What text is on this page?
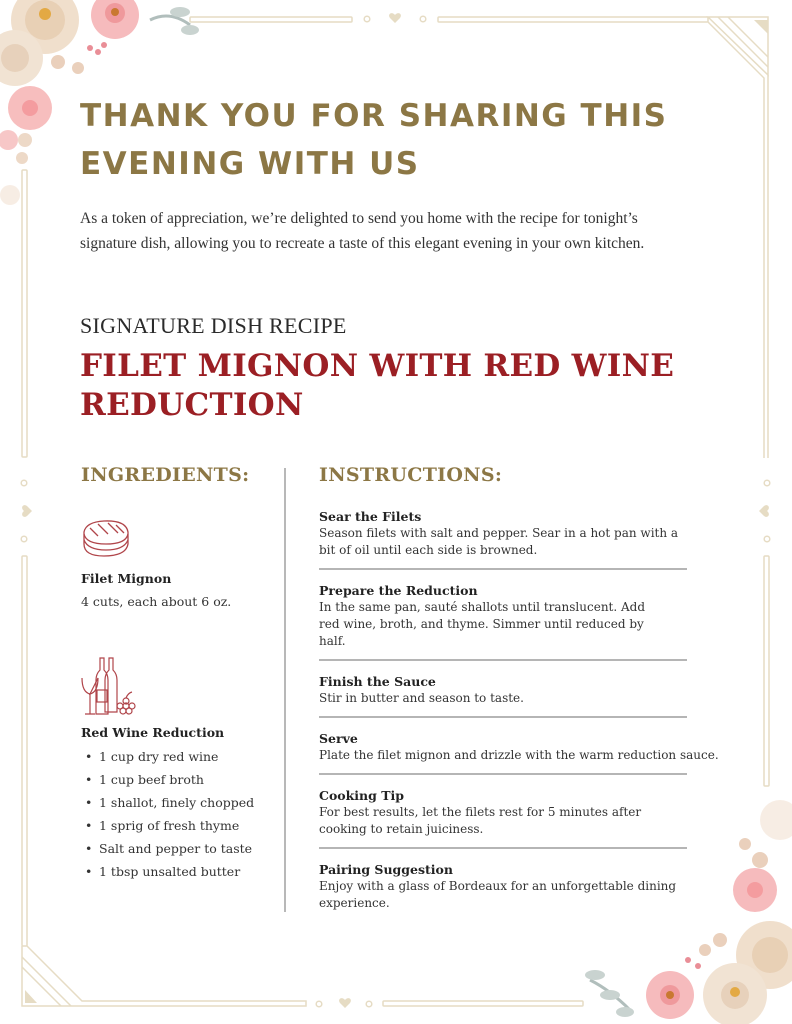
THANK YOU FOR SHARING THIS EVENING WITH US

As a token of appreciation, we’re delighted to send you home with the recipe for tonight’s signature dish, allowing you to recreate a taste of this elegant evening in your own kitchen.

SIGNATURE DISH RECIPE

FILET MIGNON WITH RED WINE REDUCTION
INGREDIENTS:

Filet Mignon

4 cuts, each about 6 oz.

Red Wine Reduction

• 1 cup dry red wine
• 1 cup beef broth
• 1 shallot, finely chopped
• 1 sprig of fresh thyme
• Salt and pepper to taste
• 1 tbsp unsalted butter
INSTRUCTIONS:

Sear the Filets

Season filets with salt and pepper. Sear in a hot pan with a bit of oil until each side is browned.

Prepare the Reduction

In the same pan, sauté shallots until translucent. Add red wine, broth, and thyme. Simmer until reduced by half.

Finish the Sauce

Stir in butter and season to taste.

Serve

Plate the filet mignon and drizzle with the warm reduction sauce.

Cooking Tip

For best results, let the filets rest for 5 minutes after cooking to retain juiciness.

Pairing Suggestion

Enjoy with a glass of Bordeaux for an unforgettable dining experience.
